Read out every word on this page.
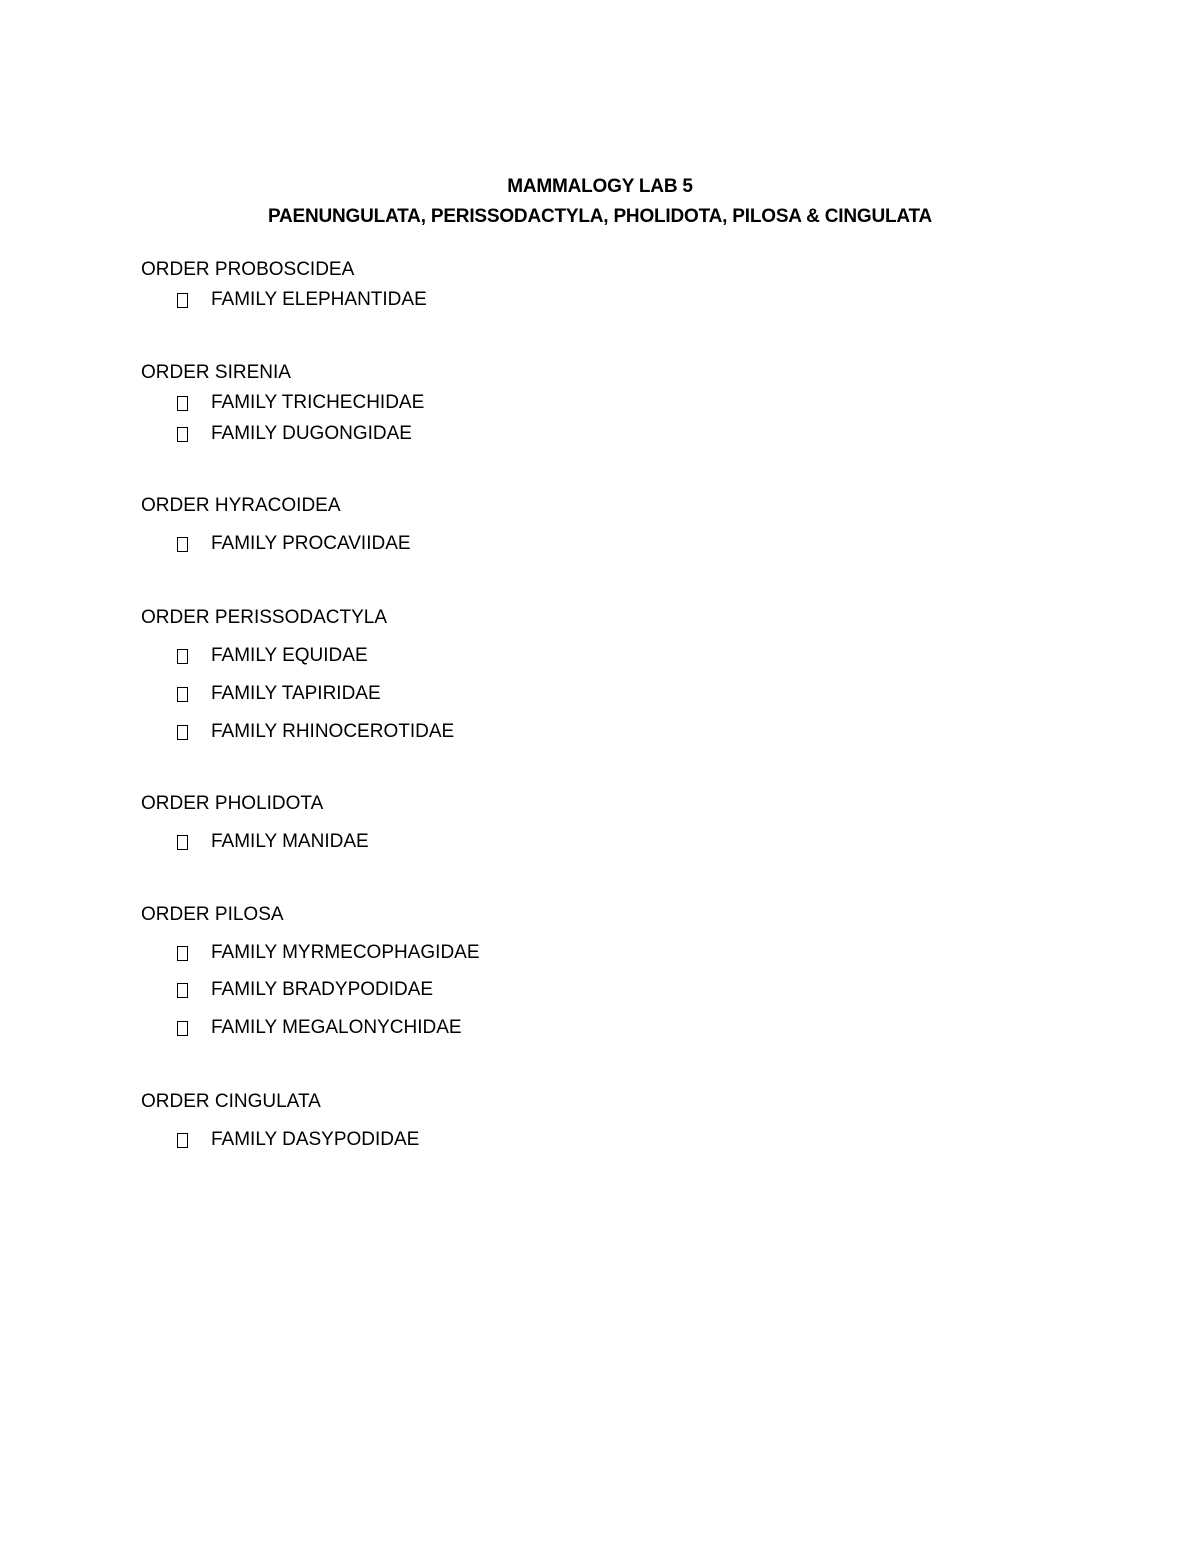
MAMMALOGY LAB 5
PAENUNGULATA, PERISSODACTYLA, PHOLIDOTA, PILOSA & CINGULATA
ORDER PROBOSCIDEA
FAMILY ELEPHANTIDAE
ORDER SIRENIA
FAMILY TRICHECHIDAE
FAMILY DUGONGIDAE
ORDER HYRACOIDEA
FAMILY PROCAVIIDAE
ORDER PERISSODACTYLA
FAMILY EQUIDAE
FAMILY TAPIRIDAE
FAMILY RHINOCEROTIDAE
ORDER PHOLIDOTA
FAMILY MANIDAE
ORDER PILOSA
FAMILY MYRMECOPHAGIDAE
FAMILY BRADYPODIDAE
FAMILY MEGALONYCHIDAE
ORDER CINGULATA
FAMILY DASYPODIDAE
